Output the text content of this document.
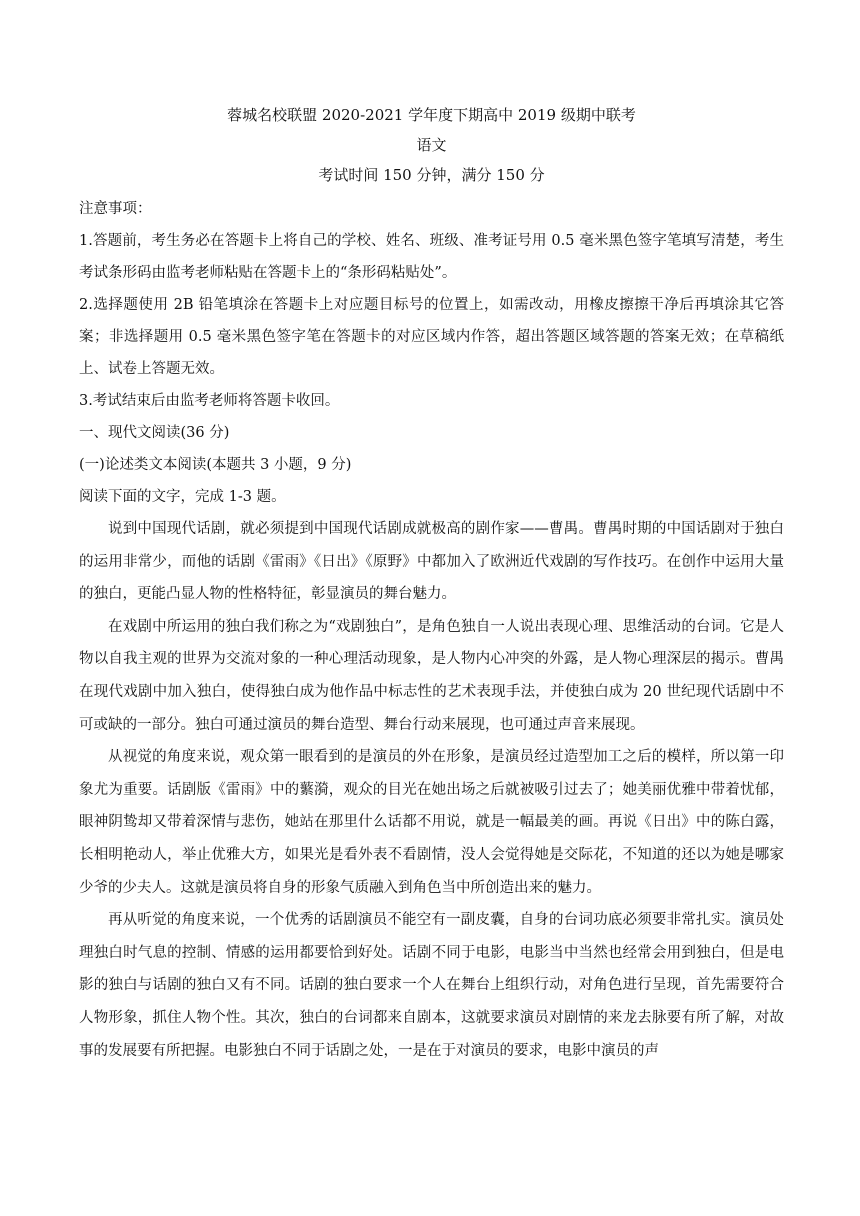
蓉城名校联盟 2020-2021 学年度下期高中 2019 级期中联考

语文

考试时间 150 分钟，满分 150 分

注意事项：

1.答题前，考生务必在答题卡上将自己的学校、姓名、班级、准考证号用 0.5 毫米黑色签字笔填写清楚，考生考试条形码由监考老师粘贴在答题卡上的“条形码粘贴处”。

2.选择题使用 2B 铅笔填涂在答题卡上对应题目标号的位置上，如需改动，用橡皮擦擦干净后再填涂其它答案；非选择题用 0.5 毫米黑色签字笔在答题卡的对应区域内作答，超出答题区域答题的答案无效；在草稿纸上、试卷上答题无效。

3.考试结束后由监考老师将答题卡收回。

一、现代文阅读(36 分)

(一)论述类文本阅读(本题共 3 小题，9 分)

阅读下面的文字，完成 1-3 题。

说到中国现代话剧，就必须提到中国现代话剧成就极高的剧作家——曹禺。曹禺时期的中国话剧对于独白的运用非常少，而他的话剧《雷雨》《日出》《原野》中都加入了欧洲近代戏剧的写作技巧。在创作中运用大量的独白，更能凸显人物的性格特征，彰显演员的舞台魅力。

在戏剧中所运用的独白我们称之为“戏剧独白”，是角色独自一人说出表现心理、思维活动的台词。它是人物以自我主观的世界为交流对象的一种心理活动现象，是人物内心冲突的外露，是人物心理深层的揭示。曹禺在现代戏剧中加入独白，使得独白成为他作品中标志性的艺术表现手法，并使独白成为 20 世纪现代话剧中不可或缺的一部分。独白可通过演员的舞台造型、舞台行动来展现，也可通过声音来展现。

从视觉的角度来说，观众第一眼看到的是演员的外在形象，是演员经过造型加工之后的模样，所以第一印象尤为重要。话剧版《雷雨》中的蘩漪，观众的目光在她出场之后就被吸引过去了；她美丽优雅中带着忧郁，眼神阴鸷却又带着深情与悲伤，她站在那里什么话都不用说，就是一幅最美的画。再说《日出》中的陈白露，长相明艳动人，举止优雅大方，如果光是看外表不看剧情，没人会觉得她是交际花，不知道的还以为她是哪家少爷的少夫人。这就是演员将自身的形象气质融入到角色当中所创造出来的魅力。

再从听觉的角度来说，一个优秀的话剧演员不能空有一副皮囊，自身的台词功底必须要非常扎实。演员处理独白时气息的控制、情感的运用都要恰到好处。话剧不同于电影，电影当中当然也经常会用到独白，但是电影的独白与话剧的独白又有不同。话剧的独白要求一个人在舞台上组织行动，对角色进行呈现，首先需要符合人物形象，抓住人物个性。其次，独白的台词都来自剧本，这就要求演员对剧情的来龙去脉要有所了解，对故事的发展要有所把握。电影独白不同于话剧之处，一是在于对演员的要求，电影中演员的声
